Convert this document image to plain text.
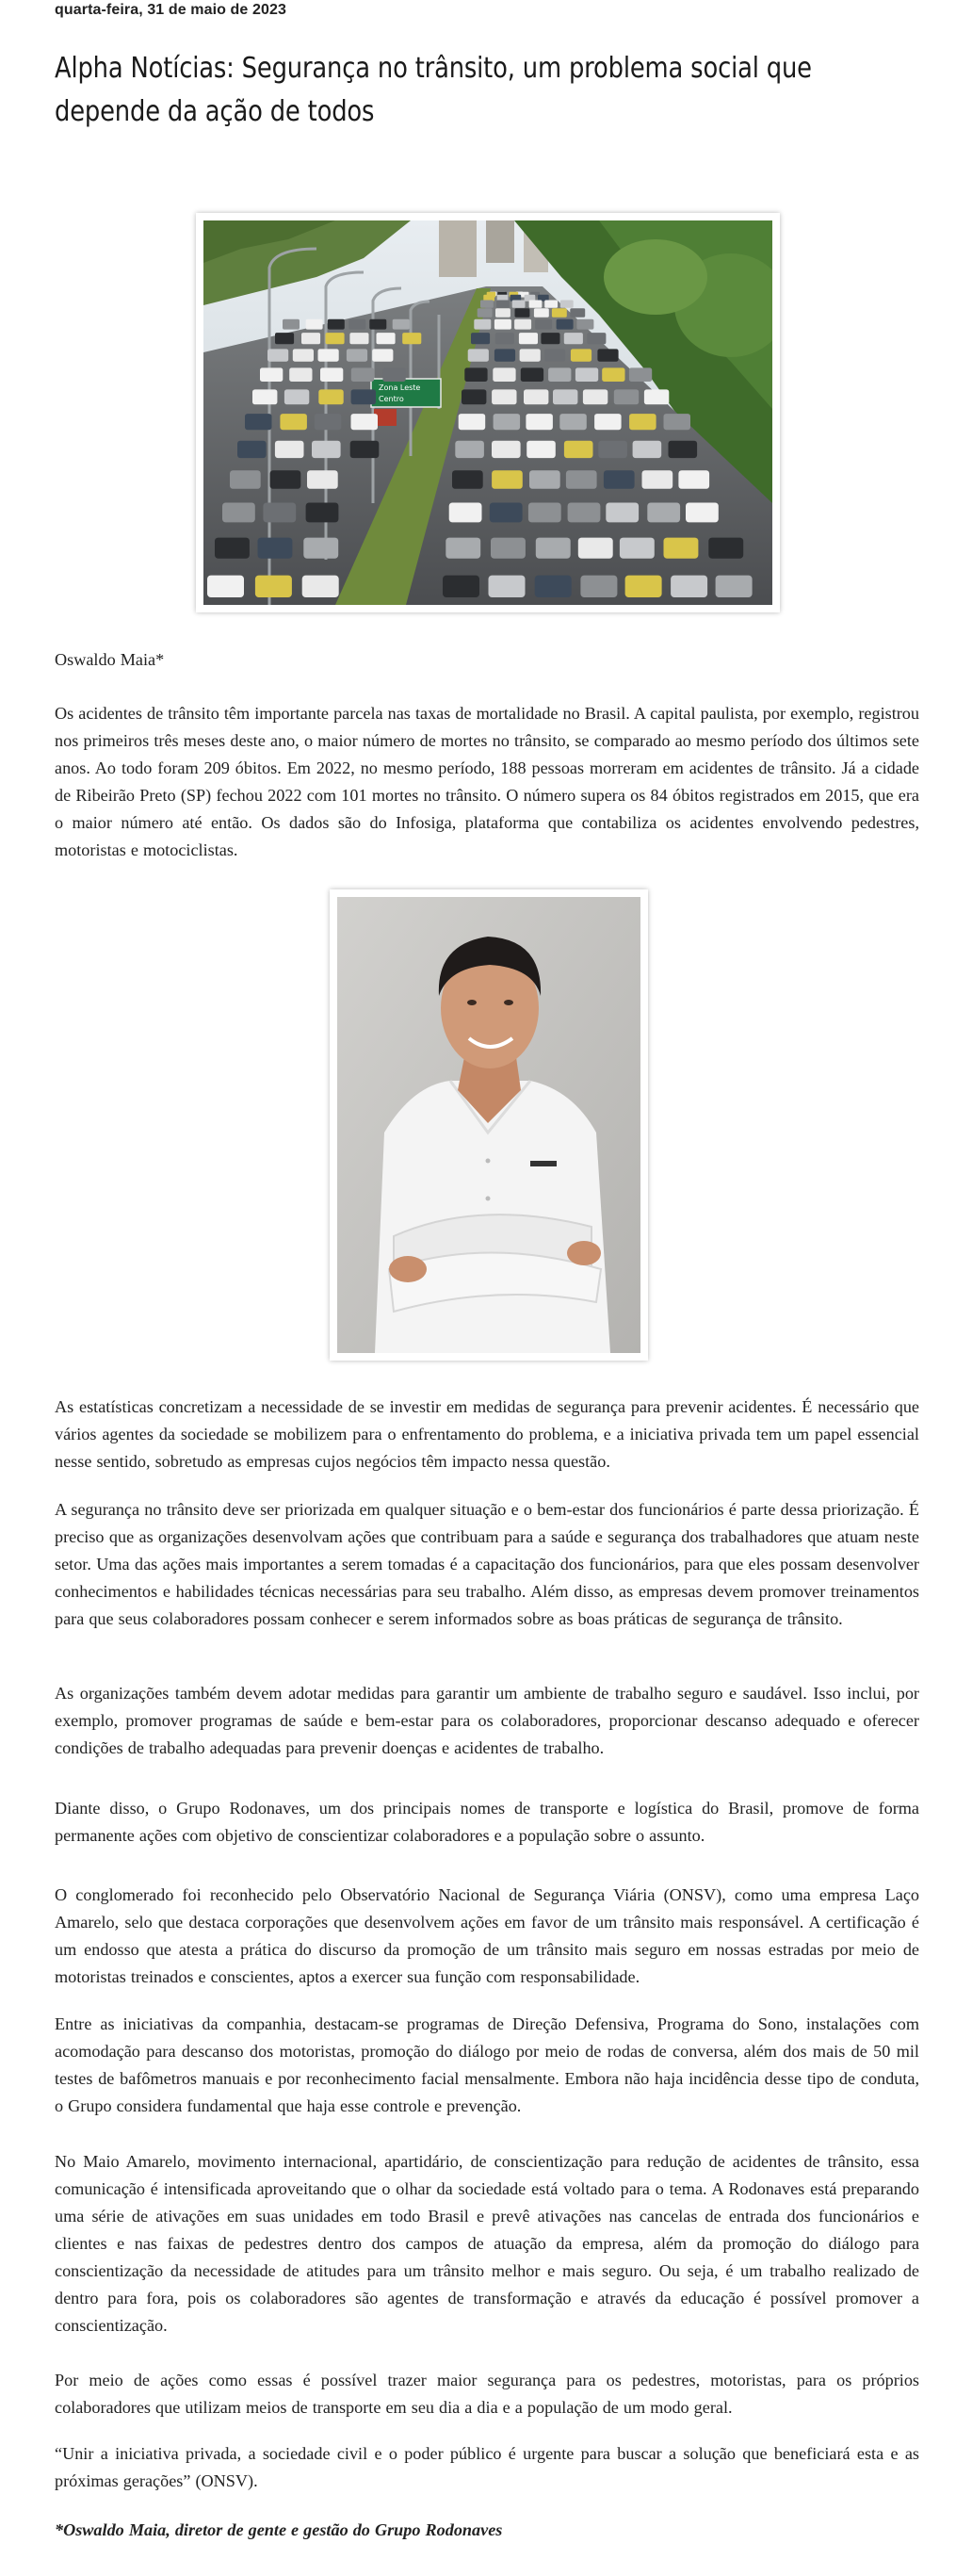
quarta-feira, 31 de maio de 2023
Alpha Notícias: Segurança no trânsito, um problema social que depende da ação de todos
Zona Leste
Centro
Oswaldo Maia*

Os acidentes de trânsito têm importante parcela nas taxas de mortalidade no Brasil. A capital paulista, por exemplo, registrou nos primeiros três meses deste ano, o maior número de mortes no trânsito, se comparado ao mesmo período dos últimos sete anos. Ao todo foram 209 óbitos. Em 2022, no mesmo período, 188 pessoas morreram em acidentes de trânsito. Já a cidade de Ribeirão Preto (SP) fechou 2022 com 101 mortes no trânsito. O número supera os 84 óbitos registrados em 2015, que era o maior número até então. Os dados são do Infosiga, plataforma que contabiliza os acidentes envolvendo pedestres, motoristas e motociclistas.

As estatísticas concretizam a necessidade de se investir em medidas de segurança para prevenir acidentes. É necessário que vários agentes da sociedade se mobilizem para o enfrentamento do problema, e a iniciativa privada tem um papel essencial nesse sentido, sobretudo as empresas cujos negócios têm impacto nessa questão.

A segurança no trânsito deve ser priorizada em qualquer situação e o bem-estar dos funcionários é parte dessa priorização. É preciso que as organizações desenvolvam ações que contribuam para a saúde e segurança dos trabalhadores que atuam neste setor. Uma das ações mais importantes a serem tomadas é a capacitação dos funcionários, para que eles possam desenvolver conhecimentos e habilidades técnicas necessárias para seu trabalho. Além disso, as empresas devem promover treinamentos para que seus colaboradores possam conhecer e serem informados sobre as boas práticas de segurança de trânsito.

As organizações também devem adotar medidas para garantir um ambiente de trabalho seguro e saudável. Isso inclui, por exemplo, promover programas de saúde e bem-estar para os colaboradores, proporcionar descanso adequado e oferecer condições de trabalho adequadas para prevenir doenças e acidentes de trabalho.

Diante disso, o Grupo Rodonaves, um dos principais nomes de transporte e logística do Brasil, promove de forma permanente ações com objetivo de conscientizar colaboradores e a população sobre o assunto.

O conglomerado foi reconhecido pelo Observatório Nacional de Segurança Viária (ONSV), como uma empresa Laço Amarelo, selo que destaca corporações que desenvolvem ações em favor de um trânsito mais responsável. A certificação é um endosso que atesta a prática do discurso da promoção de um trânsito mais seguro em nossas estradas por meio de motoristas treinados e conscientes, aptos a exercer sua função com responsabilidade.

Entre as iniciativas da companhia, destacam-se programas de Direção Defensiva, Programa do Sono, instalações com acomodação para descanso dos motoristas, promoção do diálogo por meio de rodas de conversa, além dos mais de 50 mil testes de bafômetros manuais e por reconhecimento facial mensalmente. Embora não haja incidência desse tipo de conduta, o Grupo considera fundamental que haja esse controle e prevenção.

No Maio Amarelo, movimento internacional, apartidário, de conscientização para redução de acidentes de trânsito, essa comunicação é intensificada aproveitando que o olhar da sociedade está voltado para o tema. A Rodonaves está preparando uma série de ativações em suas unidades em todo Brasil e prevê ativações nas cancelas de entrada dos funcionários e clientes e nas faixas de pedestres dentro dos campos de atuação da empresa, além da promoção do diálogo para conscientização da necessidade de atitudes para um trânsito melhor e mais seguro. Ou seja, é um trabalho realizado de dentro para fora, pois os colaboradores são agentes de transformação e através da educação é possível promover a conscientização.

Por meio de ações como essas é possível trazer maior segurança para os pedestres, motoristas, para os próprios colaboradores que utilizam meios de transporte em seu dia a dia e a população de um modo geral.

“Unir a iniciativa privada, a sociedade civil e o poder público é urgente para buscar a solução que beneficiará esta e as próximas gerações” (ONSV).

*Oswaldo Maia, diretor de gente e gestão do Grupo Rodonaves
